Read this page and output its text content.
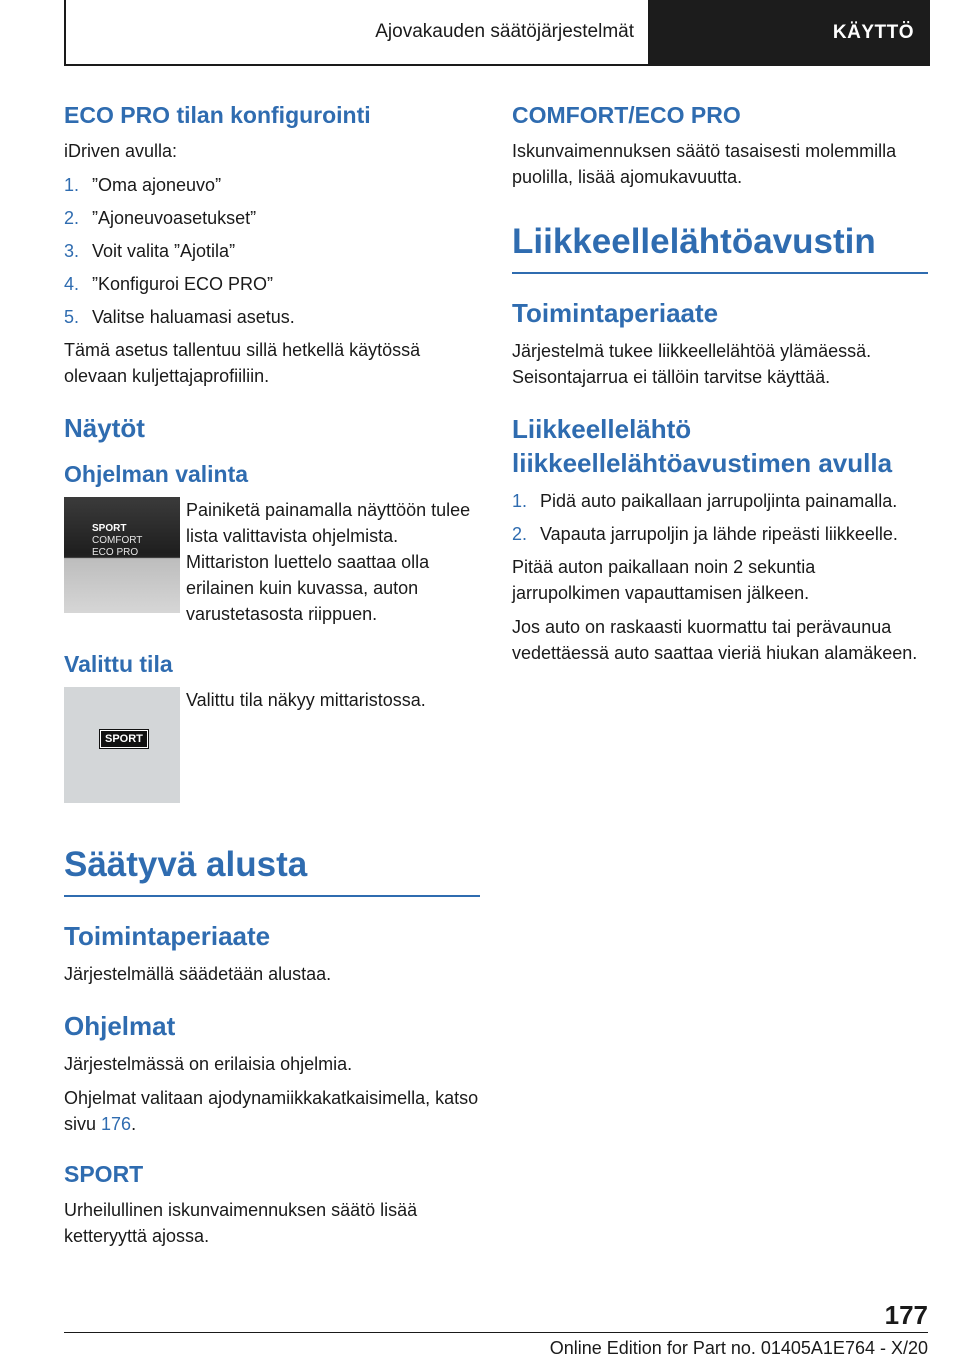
Ajovakauden säätöjärjestelmät	KÄYTTÖ
ECO PRO tilan konfigurointi

iDriven avulla:

1. ”Oma ajoneuvo”
2. ”Ajoneuvoasetukset”
3. Voit valita ”Ajotila”
4. ”Konfiguroi ECO PRO”
5. Valitse haluamasi asetus.

Tämä asetus tallentuu sillä hetkellä käytössä olevaan kuljettajaprofiiliin.

Näytöt
Ohjelman valinta
SPORT
COMFORT
ECO PRO

Painiketä painamalla näyttöön tulee lista valittavista ohjelmista. Mittariston luettelo saattaa olla erilainen kuin kuvassa, auton varustetasosta riippuen.

Valittu tila
SPORT

Valittu tila näkyy mittaristossa.

Säätyvä alusta
Toimintaperiaate

Järjestelmällä säädetään alustaa.

Ohjelmat

Järjestelmässä on erilaisia ohjelmia.

Ohjelmat valitaan ajodynamiikkakatkaisimella, katso sivu 176.

SPORT

Urheilullinen iskunvaimennuksen säätö lisää ketteryyttä ajossa.

COMFORT/ECO PRO

Iskunvaimennuksen säätö tasaisesti molemmilla puolilla, lisää ajomukavuutta.

Liikkeellelähtöavustin
Toimintaperiaate

Järjestelmä tukee liikkeellelähtöä ylämäessä. Seisontajarrua ei tällöin tarvitse käyttää.

Liikkeellelähtö liikkeellelähtöavustimen avulla
1. Pidä auto paikallaan jarrupoljinta painamalla.
2. Vapauta jarrupoljin ja lähde ripeästi liikkeelle.

Pitää auton paikallaan noin 2 sekuntia jarrupolkimen vapauttamisen jälkeen.

Jos auto on raskaasti kuormattu tai perävaunua vedettäessä auto saattaa vieriä hiukan alamäkeen.

177
Online Edition for Part no. 01405A1E764 - X/20
